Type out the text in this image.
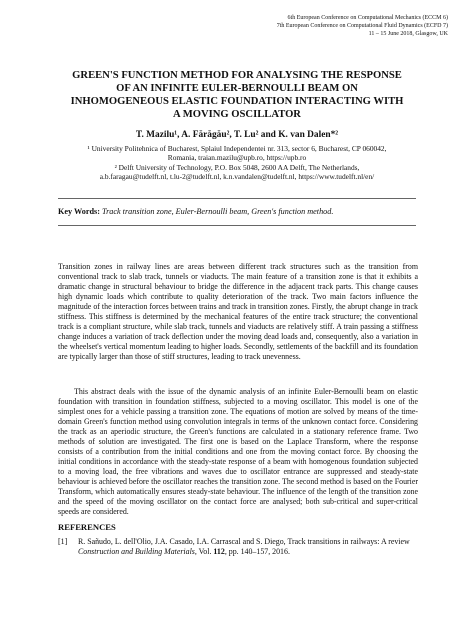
6th European Conference on Computational Mechanics (ECCM 6)
7th European Conference on Computational Fluid Dynamics (ECFD 7)
11 – 15 June 2018, Glasgow, UK
GREEN'S FUNCTION METHOD FOR ANALYSING THE RESPONSE
OF AN INFINITE EULER-BERNOULLI BEAM ON
INHOMOGENEOUS ELASTIC FOUNDATION INTERACTING WITH
A MOVING OSCILLATOR
T. Mazilu¹, A. Fărăgău², T. Lu² and K. van Dalen*²
¹ University Politehnica of Bucharest, Splaiul Independentei nr. 313, sector 6, Bucharest, CP 060042,
Romania, traian.mazilu@upb.ro, https://upb.ro
² Delft University of Technology, P.O. Box 5048, 2600 AA Delft, The Netherlands,
a.b.faragau@tudelft.nl, t.lu-2@tudelft.nl, k.n.vandalen@tudelft.nl, https://www.tudelft.nl/en/
Key Words: Track transition zone, Euler-Bernoulli beam, Green's function method.

Transition zones in railway lines are areas between different track structures such as the transition from conventional track to slab track, tunnels or viaducts. The main feature of a transition zone is that it exhibits a dramatic change in structural behaviour to bridge the difference in the adjacent track parts. This change causes high dynamic loads which contribute to quality deterioration of the track. Two main factors influence the magnitude of the interaction forces between trains and track in transition zones. Firstly, the abrupt change in track stiffness. This stiffness is determined by the mechanical features of the entire track structure; the conventional track is a compliant structure, while slab track, tunnels and viaducts are relatively stiff. A train passing a stiffness change induces a variation of track deflection under the moving dead loads and, consequently, also a variation in the wheelset's vertical momentum leading to higher loads. Secondly, settlements of the backfill and its foundation are typically larger than those of stiff structures, leading to track unevenness.

This abstract deals with the issue of the dynamic analysis of an infinite Euler-Bernoulli beam on elastic foundation with transition in foundation stiffness, subjected to a moving oscillator. This model is one of the simplest ones for a vehicle passing a transition zone. The equations of motion are solved by means of the time-domain Green's function method using convolution integrals in terms of the unknown contact force. Considering the track as an aperiodic structure, the Green's functions are calculated in a stationary reference frame. Two methods of solution are investigated. The first one is based on the Laplace Transform, where the response consists of a contribution from the initial conditions and one from the moving contact force. By choosing the initial conditions in accordance with the steady-state response of a beam with homogenous foundation subjected to a moving load, the free vibrations and waves due to oscillator entrance are suppressed and steady-state behaviour is achieved before the oscillator reaches the transition zone. The second method is based on the Fourier Transform, which automatically ensures steady-state behaviour. The influence of the length of the transition zone and the speed of the moving oscillator on the contact force are analysed; both sub-critical and super-critical speeds are considered.

REFERENCES
[1] R. Sañudo, L. dell'Olio, J.A. Casado, I.A. Carrascal and S. Diego, Track transitions in railways: A review Construction and Building Materials, Vol. 112, pp. 140–157, 2016.
